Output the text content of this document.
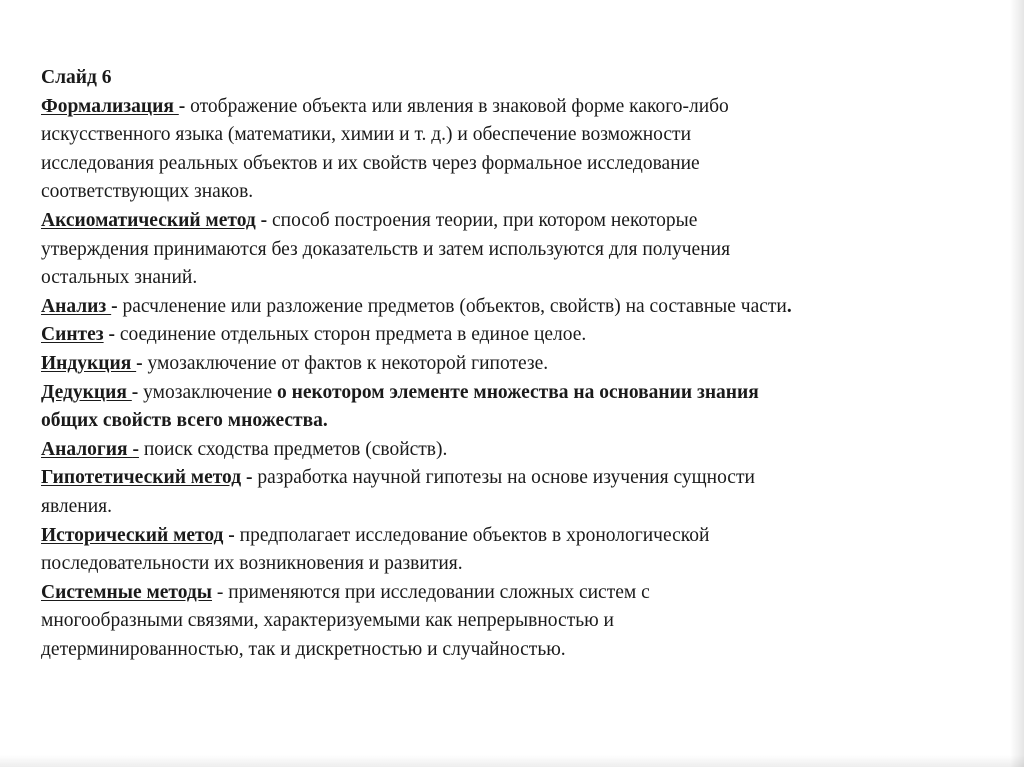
Слайд 6

Формализация - отображение объекта или явления в знаковой форме какого-либо

искусственного языка (математики, химии и т. д.) и обеспечение возможности

исследования реальных объектов и их свойств через формальное исследование

соответствующих знаков.

Аксиоматический метод - способ построения теории, при котором некоторые

утверждения принимаются без доказательств и затем используются для получения

остальных знаний.

Анализ - расчленение или разложение предметов (объектов, свойств) на составные части.

Синтез - соединение отдельных сторон предмета в единое целое.

Индукция - умозаключение от фактов к некоторой гипотезе.

Дедукция - умозаключение о некотором элементе множества на основании знания

общих свойств всего множества.

Аналогия - поиск сходства предметов (свойств).

Гипотетический метод - разработка научной гипотезы на основе изучения сущности

явления.

Исторический метод - предполагает исследование объектов в хронологической

последовательности их возникновения и развития.

Системные методы - применяются при исследовании сложных систем с

многообразными связями, характеризуемыми как непрерывностью и

детерминированностью, так и дискретностью и случайностью.
